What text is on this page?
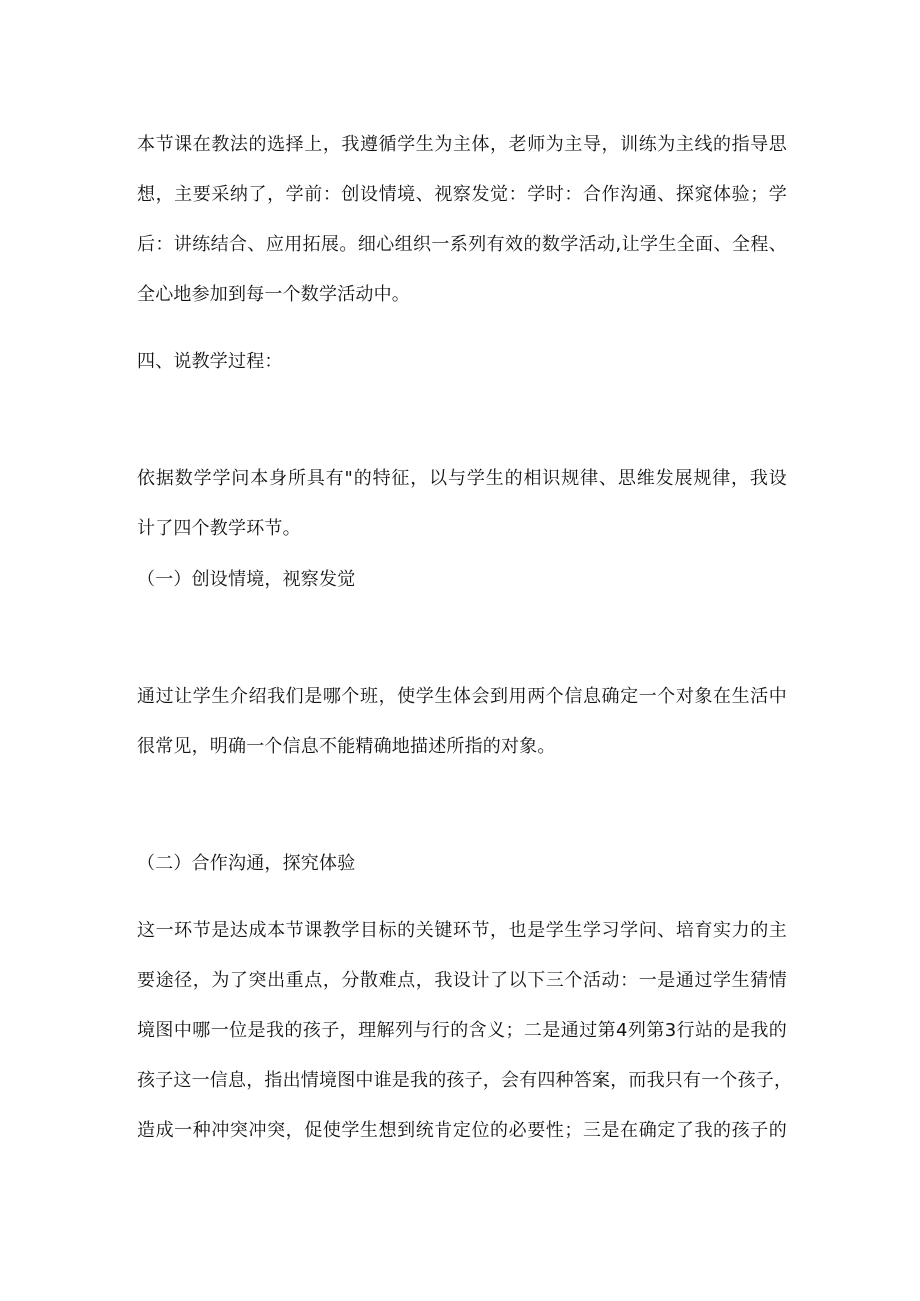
本节课在教法的选择上，我遵循学生为主体，老师为主导，训练为主线的指导思
想，主要采纳了，学前：创设情境、视察发觉：学时：合作沟通、探窕体验；学
后：讲练结合、应用拓展。细心组织一系列有效的数学活动,让学生全面、全程、
全心地参加到每一个数学活动中。
四、说教学过程：
依据数学学问本身所具有"的特征，以与学生的相识规律、思维发展规律，我设
计了四个教学环节。
（一）创设情境，视察发觉
通过让学生介绍我们是哪个班，使学生体会到用两个信息确定一个对象在生活中
很常见，明确一个信息不能精确地描述所指的对象。
（二）合作沟通，探究体验
这一环节是达成本节课教学目标的关键环节，也是学生学习学问、培育实力的主
要途径，为了突出重点，分散难点，我设计了以下三个活动：一是通过学生猜情
境图中哪一位是我的孩子，理解列与行的含义；二是通过第4列第3行站的是我的
孩子这一信息，指出情境图中谁是我的孩子，会有四种答案，而我只有一个孩子，
造成一种冲突冲突，促使学生想到统肯定位的必要性；三是在确定了我的孩子的
